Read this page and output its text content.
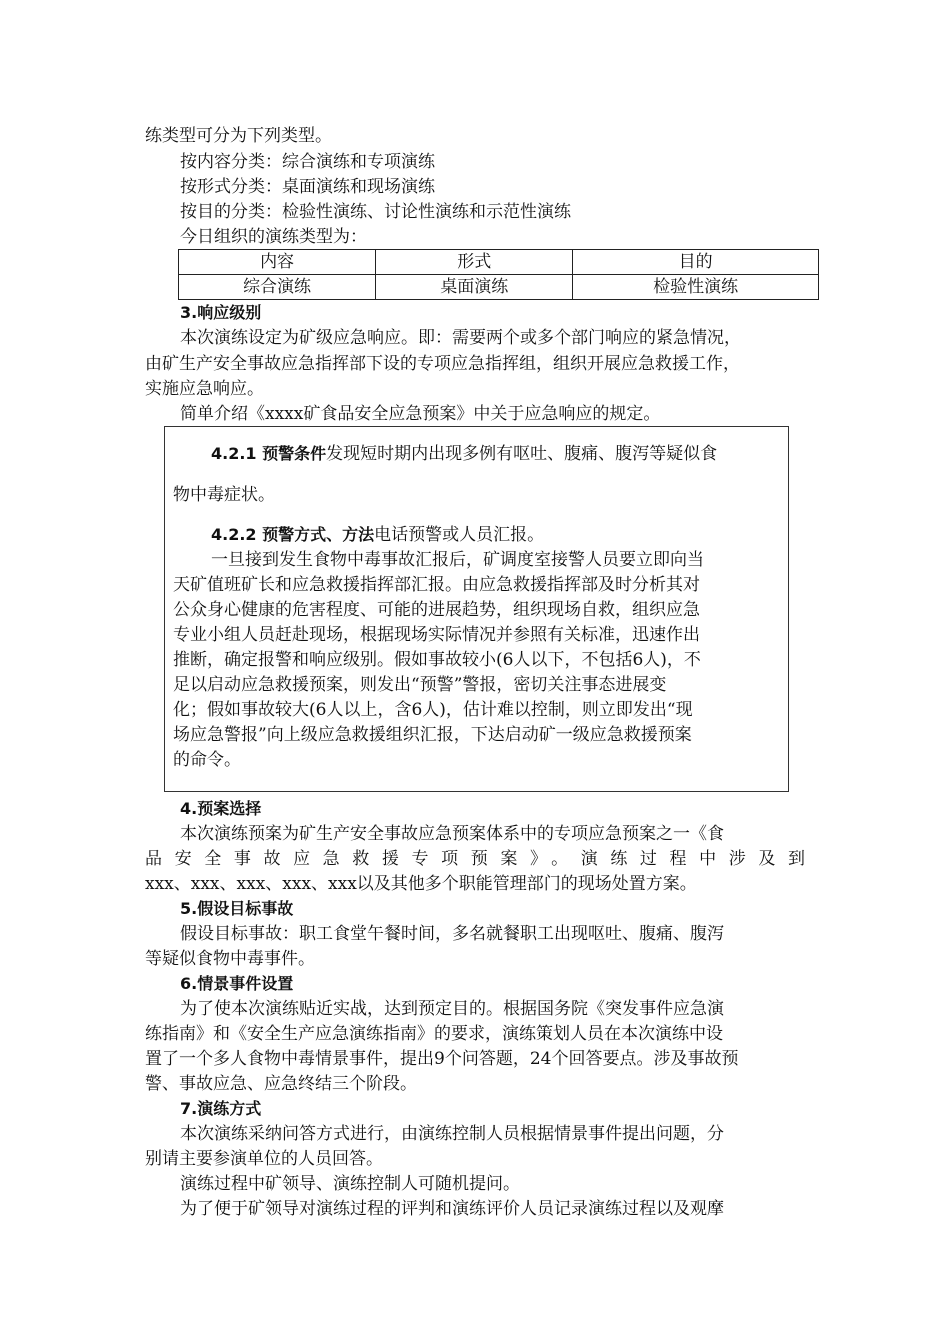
练类型可分为下列类型。
按内容分类：综合演练和专项演练
按形式分类：桌面演练和现场演练
按目的分类：检验性演练、讨论性演练和示范性演练
今日组织的演练类型为：
内容	形式	目的
综合演练	桌面演练	检验性演练
3.响应级别
本次演练设定为矿级应急响应。即：需要两个或多个部门响应的紧急情况，
由矿生产安全事故应急指挥部下设的专项应急指挥组，组织开展应急救援工作，
实施应急响应。
简单介绍《xxxx矿食品安全应急预案》中关于应急响应的规定。
4.2.1 预警条件发现短时期内出现多例有呕吐、腹痛、腹泻等疑似食
物中毒症状。
4.2.2 预警方式、方法电话预警或人员汇报。
一旦接到发生食物中毒事故汇报后，矿调度室接警人员要立即向当
天矿值班矿长和应急救援指挥部汇报。由应急救援指挥部及时分析其对
公众身心健康的危害程度、可能的进展趋势，组织现场自救，组织应急
专业小组人员赶赴现场，根据现场实际情况并参照有关标准，迅速作出
推断，确定报警和响应级别。假如事故较小(6人以下，不包括6人)，不
足以启动应急救援预案，则发出“预警”警报，密切关注事态进展变
化；假如事故较大(6人以上，含6人)，估计难以控制，则立即发出“现
场应急警报”向上级应急救援组织汇报，下达启动矿一级应急救援预案
的命令。
4.预案选择
本次演练预案为矿生产安全事故应急预案体系中的专项应急预案之一《食
品安全事故应急救援专项预案》。演练过程中涉及到
xxx、xxx、xxx、xxx、xxx以及其他多个职能管理部门的现场处置方案。
5.假设目标事故
假设目标事故：职工食堂午餐时间，多名就餐职工出现呕吐、腹痛、腹泻
等疑似食物中毒事件。
6.情景事件设置
为了使本次演练贴近实战，达到预定目的。根据国务院《突发事件应急演
练指南》和《安全生产应急演练指南》的要求，演练策划人员在本次演练中设
置了一个多人食物中毒情景事件，提出9个问答题，24个回答要点。涉及事故预
警、事故应急、应急终结三个阶段。
7.演练方式
本次演练采纳问答方式进行，由演练控制人员根据情景事件提出问题，分
别请主要参演单位的人员回答。
演练过程中矿领导、演练控制人可随机提问。
为了便于矿领导对演练过程的评判和演练评价人员记录演练过程以及观摩
